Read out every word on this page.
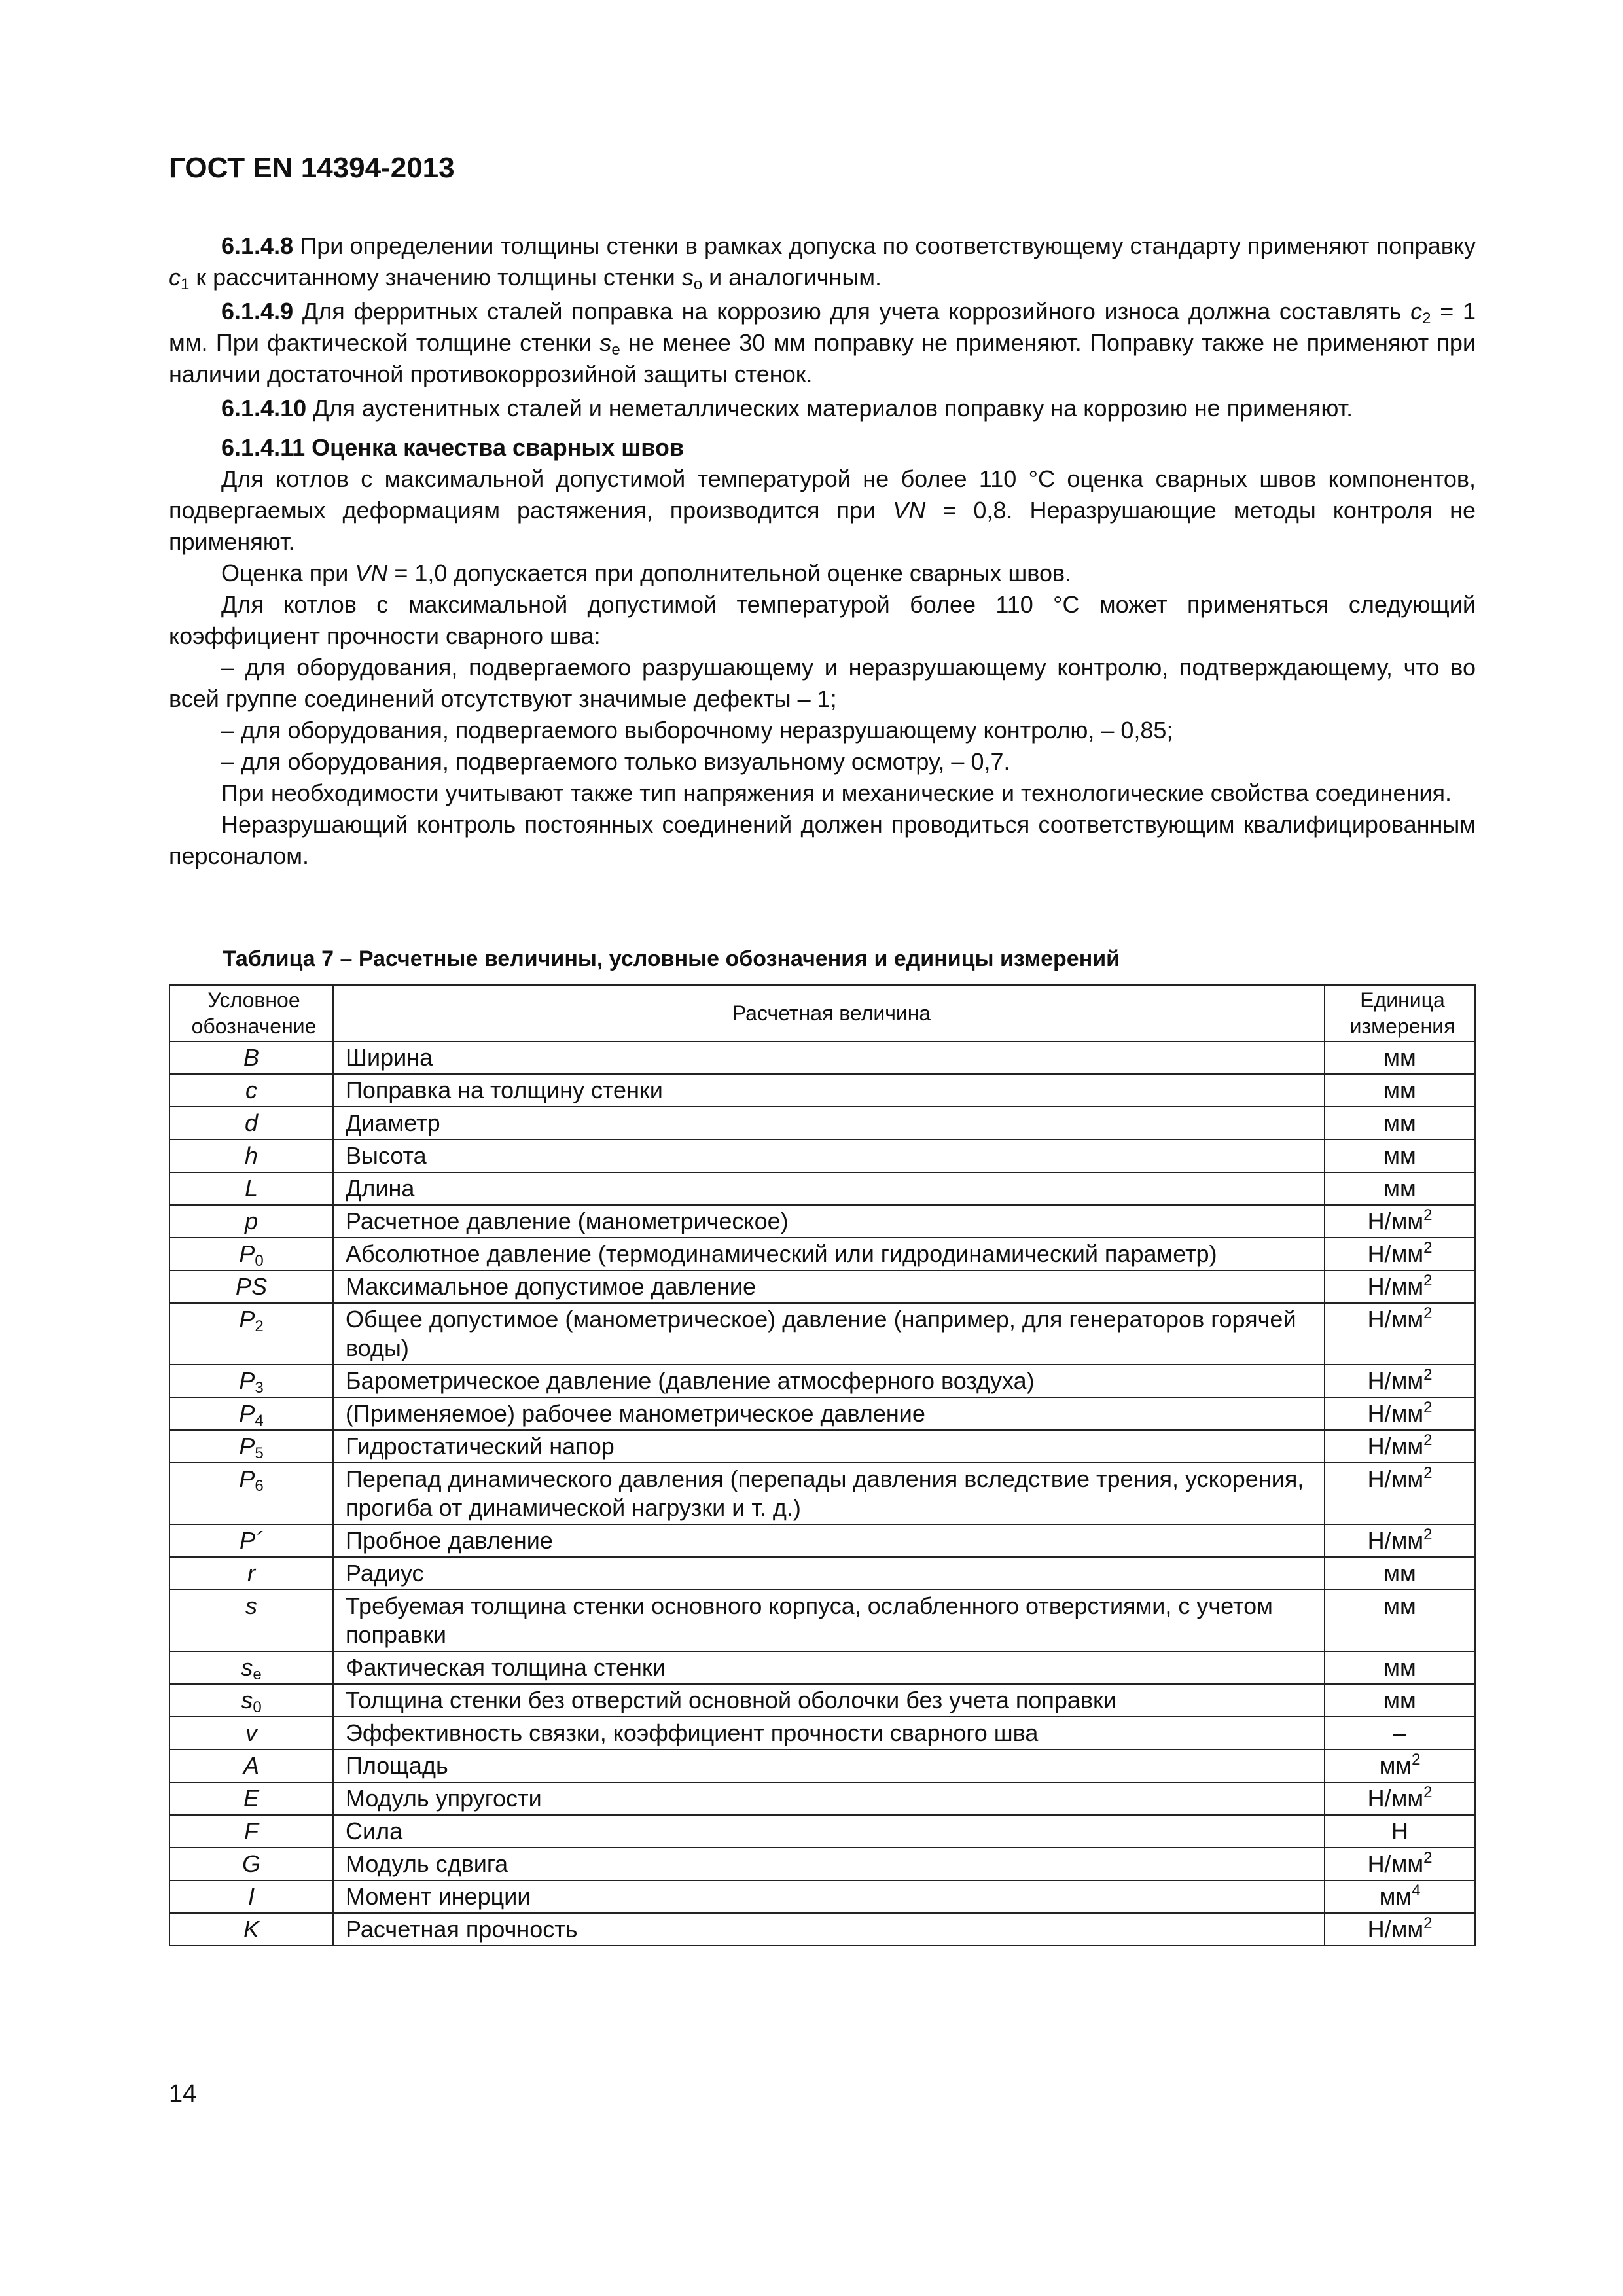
ГОСТ EN 14394-2013

6.1.4.8 При определении толщины стенки в рамках допуска по соответствующему стандарту применяют поправку $c_1$ к рассчитанному значению толщины стенки $s_o$ и аналогичным.

6.1.4.9 Для ферритных сталей поправка на коррозию для учета коррозийного износа должна составлять $c_2 = 1$ мм. При фактической толщине стенки $s_e$ не менее 30 мм поправку не применяют. Поправку также не применяют при наличии достаточной противокоррозийной защиты стенок.

6.1.4.10 Для аустенитных сталей и неметаллических материалов поправку на коррозию не применяют.

6.1.4.11 Оценка качества сварных швов

Для котлов с максимальной допустимой температурой не более 110 °С оценка сварных швов компонентов, подвергаемых деформациям растяжения, производится при VN = 0,8. Неразрушающие методы контроля не применяют.

Оценка при VN = 1,0 допускается при дополнительной оценке сварных швов.

Для котлов с максимальной допустимой температурой более 110 °С может применяться следующий коэффициент прочности сварного шва:

– для оборудования, подвергаемого разрушающему и неразрушающему контролю, подтверждающему, что во всей группе соединений отсутствуют значимые дефекты – 1;

– для оборудования, подвергаемого выборочному неразрушающему контролю, – 0,85;

– для оборудования, подвергаемого только визуальному осмотру, – 0,7.

При необходимости учитывают также тип напряжения и механические и технологические свойства соединения.

Неразрушающий контроль постоянных соединений должен проводиться соответствующим квалифицированным персоналом.

Таблица 7 – Расчетные величины, условные обозначения и единицы измерений
Условное обозначение	Расчетная величина	Единица измерения
B	Ширина	мм
c	Поправка на толщину стенки	мм
d	Диаметр	мм
h	Высота	мм
L	Длина	мм
p	Расчетное давление (манометрическое)	$Н/мм^2$
$P_0$	Абсолютное давление (термодинамический или гидродинамический параметр)	$Н/мм^2$
PS	Максимальное допустимое давление	$Н/мм^2$
$P_2$	Общее допустимое (манометрическое) давление (например, для генераторов горячей воды)	$Н/мм^2$
$P_3$	Барометрическое давление (давление атмосферного воздуха)	$Н/мм^2$
$P_4$	(Применяемое) рабочее манометрическое давление	$Н/мм^2$
$P_5$	Гидростатический напор	$Н/мм^2$
$P_6$	Перепад динамического давления (перепады давления вследствие трения, ускорения, прогиба от динамической нагрузки и т. д.)	$Н/мм^2$
P´	Пробное давление	$Н/мм^2$
r	Радиус	мм
s	Требуемая толщина стенки основного корпуса, ослабленного отверстиями, с учетом поправки	мм
$s_e$	Фактическая толщина стенки	мм
$s_0$	Толщина стенки без отверстий основной оболочки без учета поправки	мм
v	Эффективность связки, коэффициент прочности сварного шва	–
A	Площадь	$мм^2$
E	Модуль упругости	$Н/мм^2$
F	Сила	Н
G	Модуль сдвига	$Н/мм^2$
I	Момент инерции	$мм^4$
K	Расчетная прочность	$Н/мм^2$
14
